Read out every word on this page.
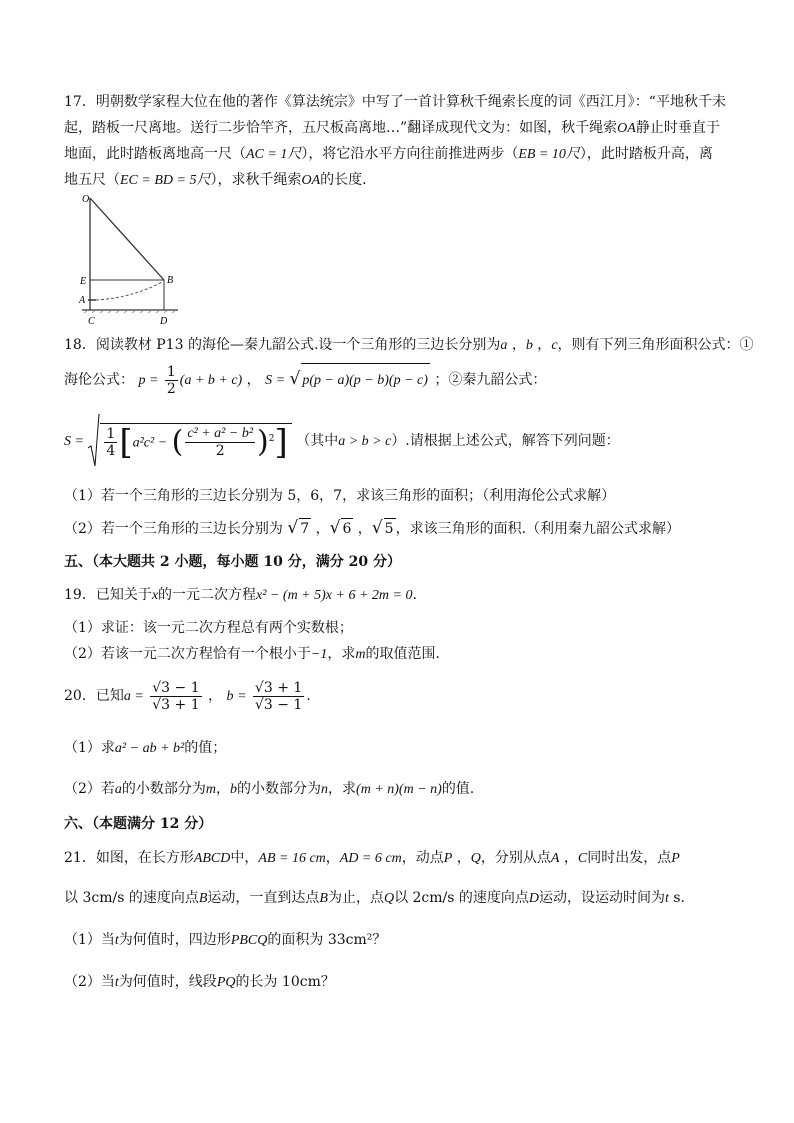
17．明朝数学家程大位在他的著作《算法统宗》中写了一首计算秋千绳索长度的词《西江月》：“平地秋千未
起，踏板一尺离地。送行二步恰竿齐，五尺板高离地…”翻译成现代文为：如图，秋千绳索OA静止时垂直于
地面，此时踏板离地高一尺（AC = 1尺），将它沿水平方向往前推进两步（EB = 10尺），此时踏板升高，离
地五尺（EC = BD = 5尺），求秋千绳索OA的长度.
O
E	B
A
C	D
18．阅读教材 P13 的海伦—秦九韶公式.设一个三角形的三边长分别为a ，b ，c，则有下列三角形面积公式：①
海伦公式： $p = \frac{1}{2} (a + b + c)$ ， S = √ p(p − a)(p − b)(p − c) ；②秦九韶公式：
$S = \frac{1}{4} [a^2c^2$ − ( $\frac{\text{c² + a² − b²}}{2} )^2$] （其中a > b > c）.请根据上述公式，解答下列问题：
（1）若一个三角形的三边长分别为 5，6，7，求该三角形的面积；（利用海伦公式求解）
（2）若一个三角形的三边长分别为 √ 7 ，√ 6 ，√ 5 ，求该三角形的面积.（利用秦九韶公式求解）
五、（本大题共 2 小题，每小题 10 分，满分 20 分）
19．已知关于x的一元二次方程x² − (m + 5)x + 6 + 2m = 0.
（1）求证：该一元二次方程总有两个实数根；
（2）若该一元二次方程恰有一个根小于−1，求m的取值范围.
20．已知$a = \frac{√3 - 1}{√3 + 1}$ ， $b = \frac{√3 + 1}{√3 - 1}$ .
（1）求a² − ab + b²的值；
（2）若a的小数部分为m，b的小数部分为n，求(m + n)(m − n)的值.
六、（本题满分 12 分）
21．如图，在长方形ABCD中，AB = 16 cm，AD = 6 cm，动点P ，Q，分别从点A ，C同时出发，点P
以 3cm/s 的速度向点B运动，一直到达点B为止，点Q以 2cm/s 的速度向点D运动，设运动时间为t s.
（1）当t为何值时，四边形PBCQ的面积为 33cm²？
（2）当t为何值时，线段PQ的长为 10cm？
